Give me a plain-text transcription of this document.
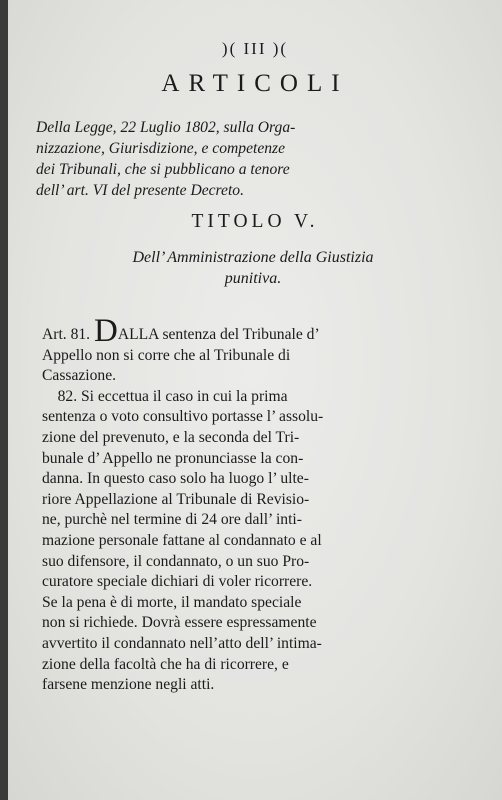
)( III )(
ARTICOLI
Della Legge, 22 Luglio 1802, sulla Orga-
nizzazione, Giurisdizione, e competenze
dei Tribunali, che si pubblicano a tenore
dell’ art. VI del presente Decreto.
TITOLO V.
Dell’ Amministrazione della Giustizia
punitiva.
Art. 81. DALLA sentenza del Tribunale d’
Appello non si corre che al Tribunale di
Cassazione.
82. Si eccettua il caso in cui la prima
sentenza o voto consultivo portasse l’ assolu-
zione del prevenuto, e la seconda del Tri-
bunale d’ Appello ne pronunciasse la con-
danna. In questo caso solo ha luogo l’ ulte-
riore Appellazione al Tribunale di Revisio-
ne, purchè nel termine di 24 ore dall’ inti-
mazione personale fattane al condannato e al
suo difensore, il condannato, o un suo Pro-
curatore speciale dichiari di voler ricorrere.
Se la pena è di morte, il mandato speciale
non si richiede. Dovrà essere espressamente
avvertito il condannato nell’atto dell’ intima-
zione della facoltà che ha di ricorrere, e
farsene menzione negli atti.
